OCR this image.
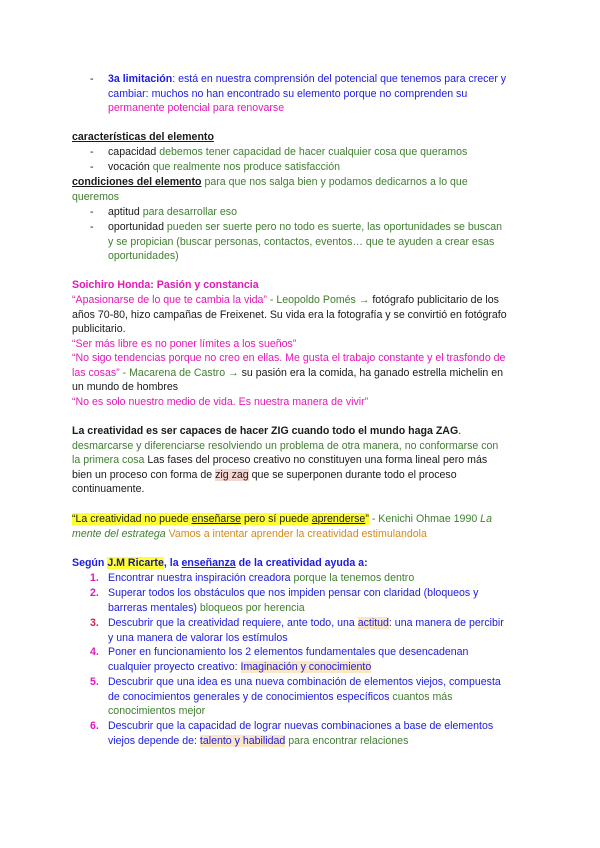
- 3a limitación: está en nuestra comprensión del potencial que tenemos para crecer y
cambiar: muchos no han encontrado su elemento porque no comprenden su
permanente potencial para renovarse
características del elemento
- capacidad debemos tener capacidad de hacer cualquier cosa que queramos
- vocación que realmente nos produce satisfacción
condiciones del elemento para que nos salga bien y podamos dedicarnos a lo que
queremos
- aptitud para desarrollar eso
- oportunidad pueden ser suerte pero no todo es suerte, las oportunidades se buscan
y se propician (buscar personas, contactos, eventos… que te ayuden a crear esas
oportunidades)
Soichiro Honda: Pasión y constancia
“Apasionarse de lo que te cambia la vida” - Leopoldo Pomés → fotógrafo publicitario de los
años 70-80, hizo campañas de Freixenet. Su vida era la fotografía y se convirtió en fotógrafo
publicitario.
“Ser más libre es no poner límites a los sueños”
“No sigo tendencias porque no creo en ellas. Me gusta el trabajo constante y el trasfondo de
las cosas” - Macarena de Castro → su pasión era la comida, ha ganado estrella michelin en
un mundo de hombres
“No es solo nuestro medio de vida. Es nuestra manera de vivir”
La creatividad es ser capaces de hacer ZIG cuando todo el mundo haga ZAG.
desmarcarse y diferenciarse resolviendo un problema de otra manera, no conformarse con
la primera cosa Las fases del proceso creativo no constituyen una forma lineal pero más
bien un proceso con forma de zig zag que se superponen durante todo el proceso
continuamente.
“La creatividad no puede enseñarse pero sí puede aprenderse” - Kenichi Ohmae 1990 La
mente del estratega Vamos a intentar aprender la creatividad estimulandola
Según J.M Ricarte, la enseñanza de la creatividad ayuda a:
1. Encontrar nuestra inspiración creadora porque la tenemos dentro
2. Superar todos los obstáculos que nos impiden pensar con claridad (bloqueos y
barreras mentales) bloqueos por herencia
3. Descubrir que la creatividad requiere, ante todo, una actitud: una manera de percibir
y una manera de valorar los estímulos
4. Poner en funcionamiento los 2 elementos fundamentales que desencadenan
cualquier proyecto creativo: Imaginación y conocimiento
5. Descubrir que una idea es una nueva combinación de elementos viejos, compuesta
de conocimientos generales y de conocimientos específicos cuantos más
conocimientos mejor
6. Descubrir que la capacidad de lograr nuevas combinaciones a base de elementos
viejos depende de: talento y habilidad para encontrar relaciones
